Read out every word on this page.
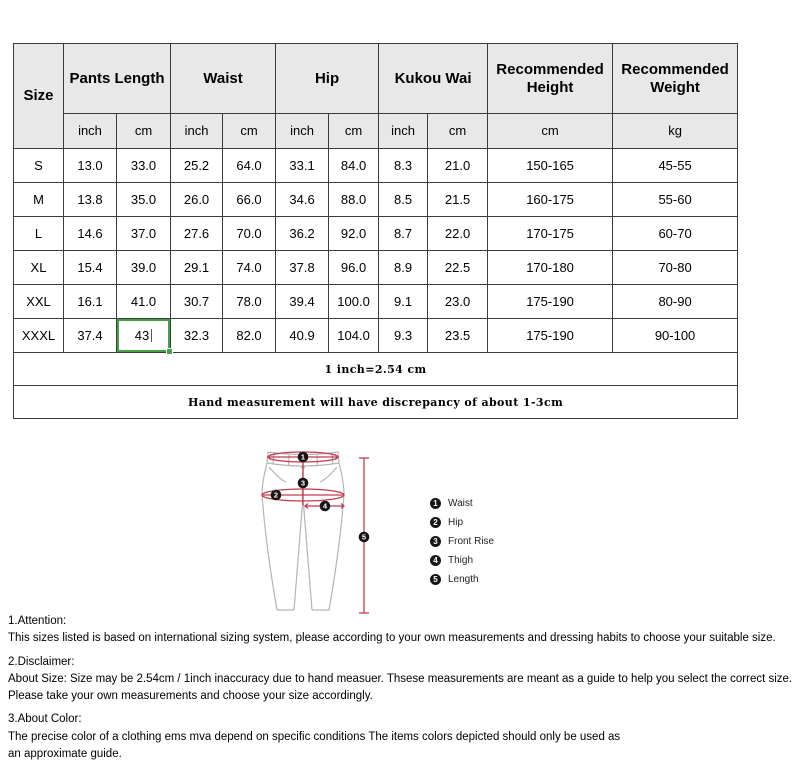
Size	Pants Length		Waist		Hip		Kukou Wai		Recommended Height	Recommended Weight
	inch	cm	inch	cm	inch	cm	inch	cm	cm	kg
S	13.0	33.0	25.2	64.0	33.1	84.0	8.3	21.0	150-165	45-55
M	13.8	35.0	26.0	66.0	34.6	88.0	8.5	21.5	160-175	55-60
L	14.6	37.0	27.6	70.0	36.2	92.0	8.7	22.0	170-175	60-70
XL	15.4	39.0	29.1	74.0	37.8	96.0	8.9	22.5	170-180	70-80
XXL	16.1	41.0	30.7	78.0	39.4	100.0	9.1	23.0	175-190	80-90
XXXL	37.4	43	32.3	82.0	40.9	104.0	9.3	23.5	175-190	90-100
1 inch=2.54 cm										
Hand measurement will have discrepancy of about 1-3cm										
1
2
3
4
5
1	Waist
2	Hip
3	Front Rise
4	Thigh
5	Length
1.Attention:
This sizes listed is based on international sizing system, please according to your own measurements and dressing habits to choose your suitable size.
2.Disclaimer:
About Size: Size may be 2.54cm / 1inch inaccuracy due to hand measuer. Thsese measurements are meant as a guide to help you select the correct size.
Please take your own measurements and choose your size accordingly.
3.About Color:
The precise color of a clothing ems mva depend on specific conditions The items colors depicted should only be used as
an approximate guide.
